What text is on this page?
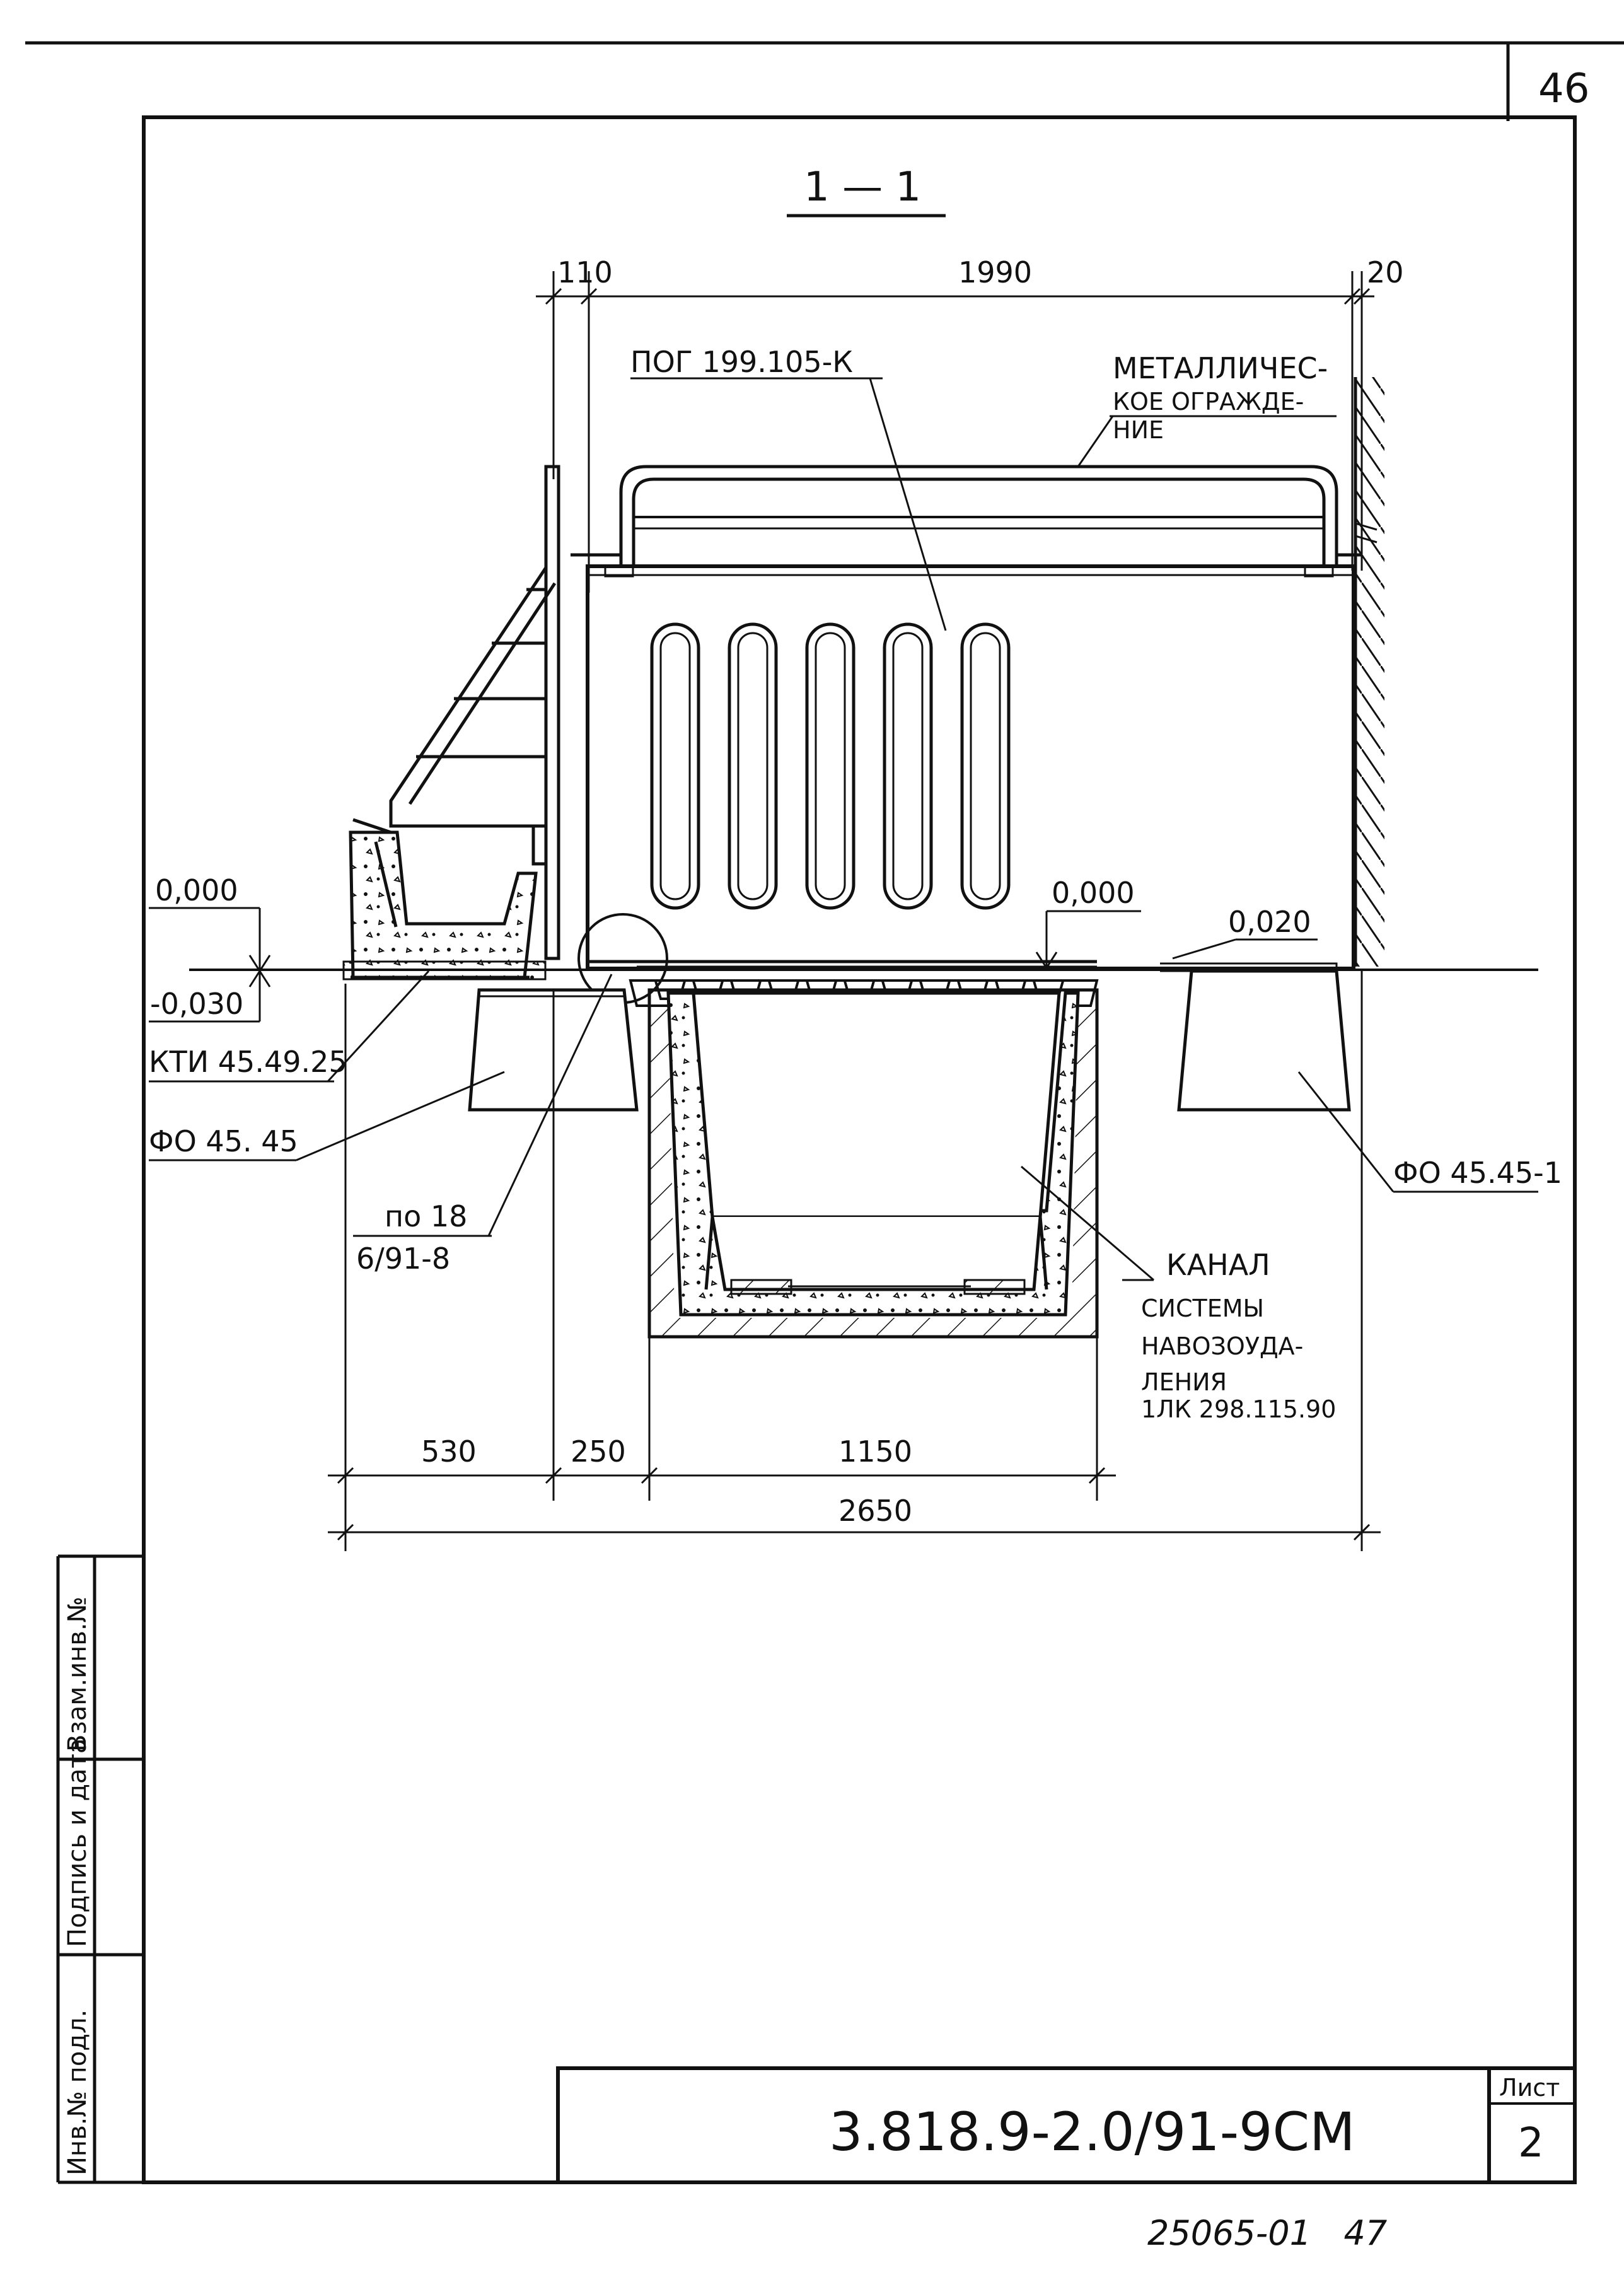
46
1 — 1
110	1990	20
530	250	1150
2650
0,000
-0,030
0,000
0,020
ПОГ 199.105-К	МЕТАЛЛИЧЕС-
КОЕ ОГРАЖДЕ-
НИЕ
КТИ 45.49.25
ФО 45. 45
по 18
6/91-8
ФО 45.45-1
КАНАЛ
СИСТЕМЫ
НАВОЗОУДА-
ЛЕНИЯ
1ЛК 298.115.90
Взам.инв.№
Подпись и дата
Инв.№ подл.	3.818.9-2.0/91-9СМ
Лист
2
25065-01   47
